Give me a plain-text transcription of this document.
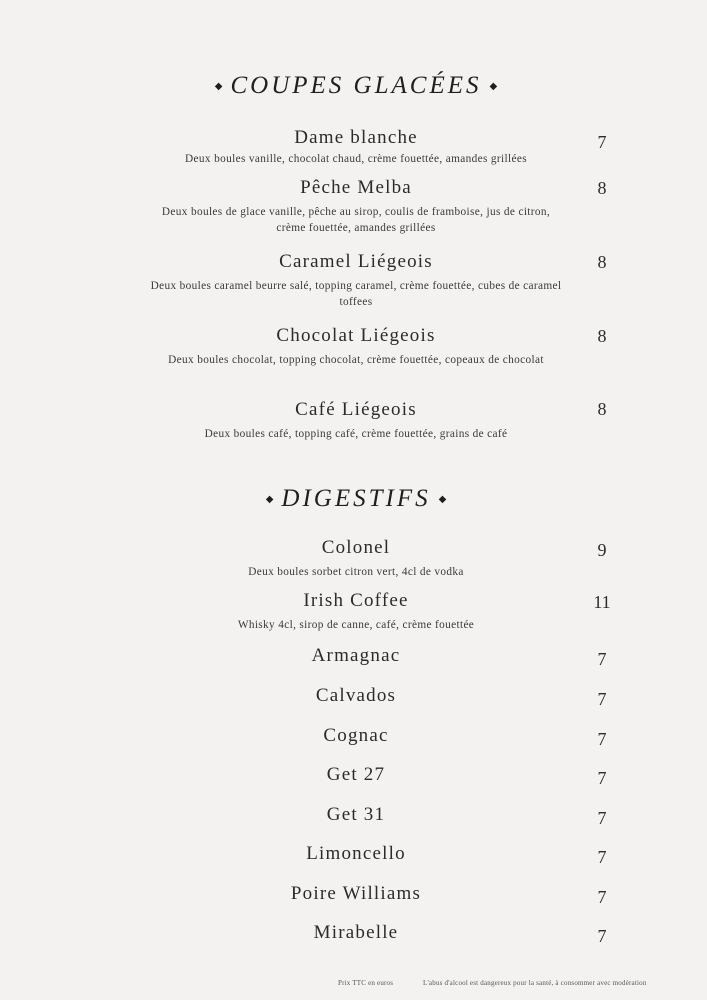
◆ COUPES GLACÉES ◆
Dame blanche	7
Deux boules vanille, chocolat chaud, crème fouettée, amandes grillées
Pêche Melba	8
Deux boules de glace vanille, pêche au sirop, coulis de framboise, jus de citron, crème fouettée, amandes grillées
Caramel Liégeois	8
Deux boules caramel beurre salé, topping caramel, crème fouettée, cubes de caramel toffees
Chocolat Liégeois	8
Deux boules chocolat, topping chocolat, crème fouettée, copeaux de chocolat
Café Liégeois	8
Deux boules café, topping café, crème fouettée, grains de café
◆ DIGESTIFS ◆
Colonel	9
Deux boules sorbet citron vert, 4cl de vodka
Irish Coffee	11
Whisky 4cl, sirop de canne, café, crème fouettée
Armagnac	7
Calvados	7
Cognac	7
Get 27	7
Get 31	7
Limoncello	7
Poire Williams	7
Mirabelle	7
Prix TTC en euros	L'abus d'alcool est dangereux pour la santé, à consommer avec modération
